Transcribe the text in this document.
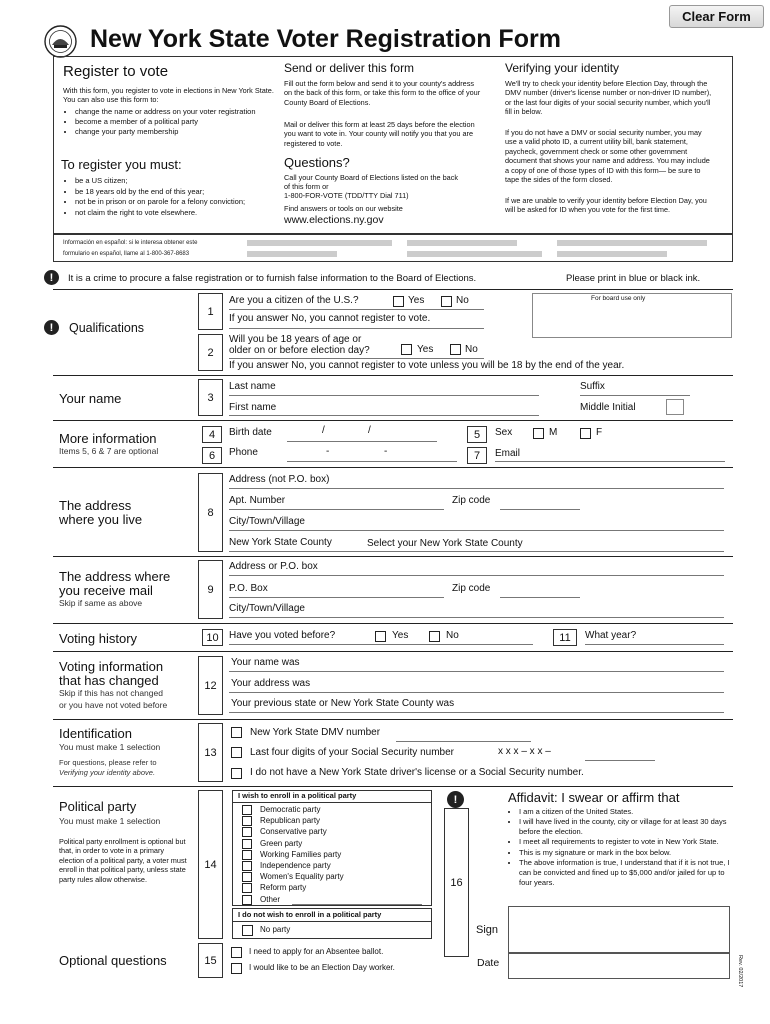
Clear Form
New York State Voter Registration Form
Register to vote
With this form, you register to vote in elections in New York State. You can also use this form to:
• change the name or address on your voter registration
• become a member of a political party
• change your party membership
To register you must:
• be a US citizen;
• be 18 years old by the end of this year;
• not be in prison or on parole for a felony conviction;
• not claim the right to vote elsewhere.
Send or deliver this form
Fill out the form below and send it to your county's address on the back of this form, or take this form to the office of your County Board of Elections.
Mail or deliver this form at least 25 days before the election you want to vote in. Your county will notify you that you are registered to vote.
Questions?
Call your County Board of Elections listed on the back of this form or
1-800-FOR-VOTE (TDD/TTY Dial 711)
Find answers or tools on our website
www.elections.ny.gov
Verifying your identity
We'll try to check your identity before Election Day, through the DMV number (driver's license number or non-driver ID number), or the last four digits of your social security number, which you'll fill in below.
If you do not have a DMV or social security number, you may use a valid photo ID, a current utility bill, bank statement, paycheck, government check or some other government document that shows your name and address. You may include a copy of one of those types of ID with this form— be sure to tape the sides of the form closed.
If we are unable to verify your identity before Election Day, you will be asked for ID when you vote for the first time.
Información en español: si le interesa obtener este
formulario en español, llame al 1-800-367-8683
!	It is a crime to procure a false registration or to furnish false information to the Board of Elections.	Please print in blue or black ink.
For board use only
!	Qualifications
1
Are you a citizen of the U.S.?	Yes	No
If you answer No, you cannot register to vote.
2
Will you be 18 years of age or
older on or before election day?	Yes	No
If you answer No, you cannot register to vote unless you will be 18 by the end of the year.
Your name	3
Last name	Suffix
First name	Middle Initial
More information
Items 5, 6 & 7 are optional
4	Birth date	/	/	5	Sex	M	F
6	Phone	-	-	7	Email
The address
where you live	8
Address (not P.O. box)
Apt. Number	Zip code
City/Town/Village
New York State County	Select your New York State County
The address where
you receive mail
Skip if same as above
9
Address or P.O. box
P.O. Box	Zip code
City/Town/Village
Voting history	10	Have you voted before?	Yes	No	11	What year?
Voting information
that has changed
Skip if this has not changed
or you have not voted before
12
Your name was
Your address was
Your previous state or New York State County was
Identification
You must make 1 selection
For questions, please refer to
Verifying your identity above.
13
New York State DMV number
Last four digits of your Social Security number	x x x – x x –
I do not have a New York State driver's license or a Social Security number.
Political party
You must make 1 selection
Political party enrollment is optional but that, in order to vote in a primary election of a political party, a voter must enroll in that political party, unless state party rules allow otherwise.
14
I wish to enroll in a political party
Democratic party
Republican party
Conservative party
Green party
Working Families party
Independence party
Women's Equality party
Reform party
Other
I do not wish to enroll in a political party
No party
!	Affidavit: I swear or affirm that
• I am a citizen of the United States.
• I will have lived in the county, city or village for at least 30 days before the election.
• I meet all requirements to register to vote in New York State.
• This is my signature or mark in the box below.
• The above information is true, I understand that if it is not true, I can be convicted and fined up to $5,000 and/or jailed for up to four years.
16
Sign
Date
Optional questions	15
I need to apply for an Absentee ballot.
I would like to be an Election Day worker.	Rev. 02/2017
